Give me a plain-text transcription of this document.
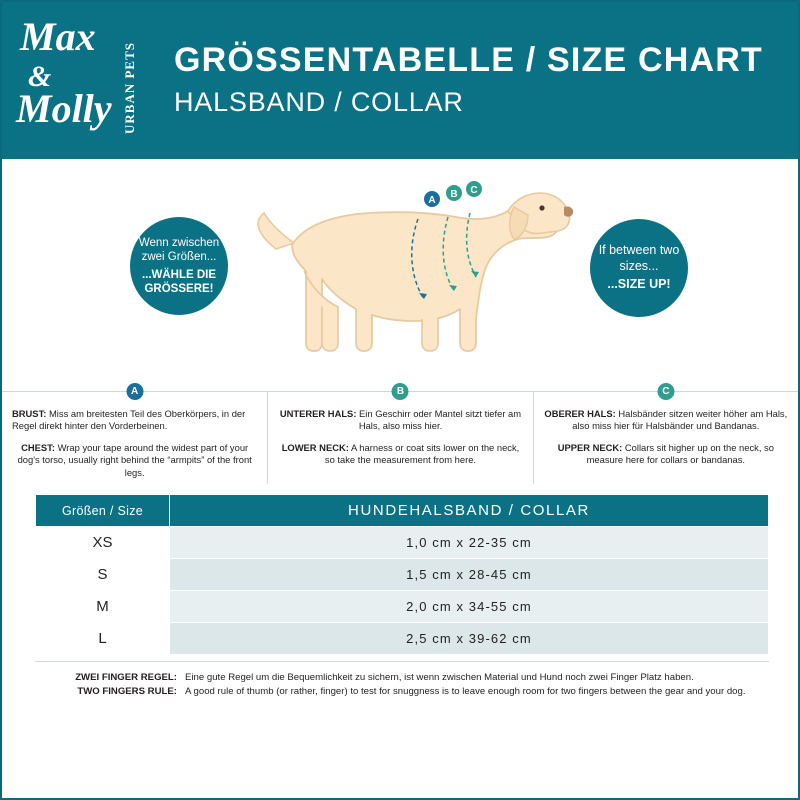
Max
&
Molly URBAN PETS GRÖSSENTABELLE / SIZE CHART
HALSBAND / COLLAR
Wenn zwischen zwei Größen...
...WÄHLE DIE GRÖSSERE!
If between two sizes...
...SIZE UP!
A
B C
A

BRUST: Miss am breitesten Teil des Oberkörpers, in der Regel direkt hinter den Vorderbeinen.

CHEST: Wrap your tape around the widest part of your dog's torso, usually right behind the “armpits” of the front legs.

B

UNTERER HALS: Ein Geschirr oder Mantel sitzt tiefer am Hals, also miss hier.

LOWER NECK: A harness or coat sits lower on the neck, so take the measurement from here.

C

OBERER HALS: Halsbänder sitzen weiter höher am Hals, also miss hier für Halsbänder und Bandanas.

UPPER NECK: Collars sit higher up on the neck, so measure here for collars or bandanas.

Größen / Size	HUNDEHALSBAND / COLLAR
XS	1,0 cm x 22-35 cm
S	1,5 cm x 28-45 cm
M	2,0 cm x 34-55 cm
L	2,5 cm x 39-62 cm
ZWEI FINGER REGEL: Eine gute Regel um die Bequemlichkeit zu sichern, ist wenn zwischen Material und Hund noch zwei Finger Platz haben.
TWO FINGERS RULE: A good rule of thumb (or rather, finger) to test for snuggness is to leave enough room for two fingers between the gear and your dog.
